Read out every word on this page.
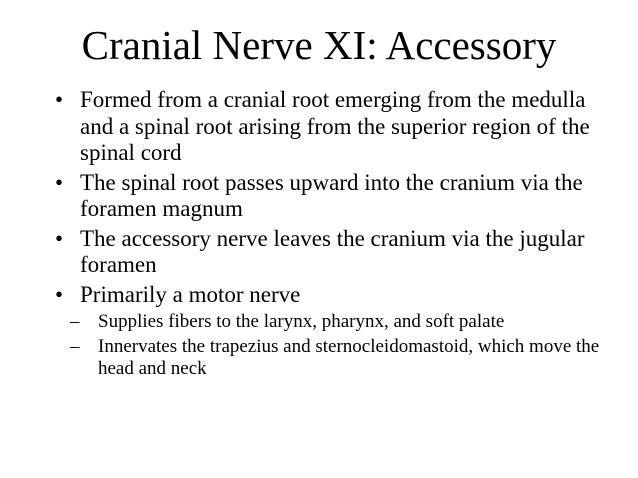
Cranial Nerve XI: Accessory
• Formed from a cranial root emerging from the medulla and a spinal root arising from the superior region of the spinal cord
• The spinal root passes upward into the cranium via the foramen magnum
• The accessory nerve leaves the cranium via the jugular foramen
• Primarily a motor nerve
– Supplies fibers to the larynx, pharynx, and soft palate
– Innervates the trapezius and sternocleidomastoid, which move the head and neck
